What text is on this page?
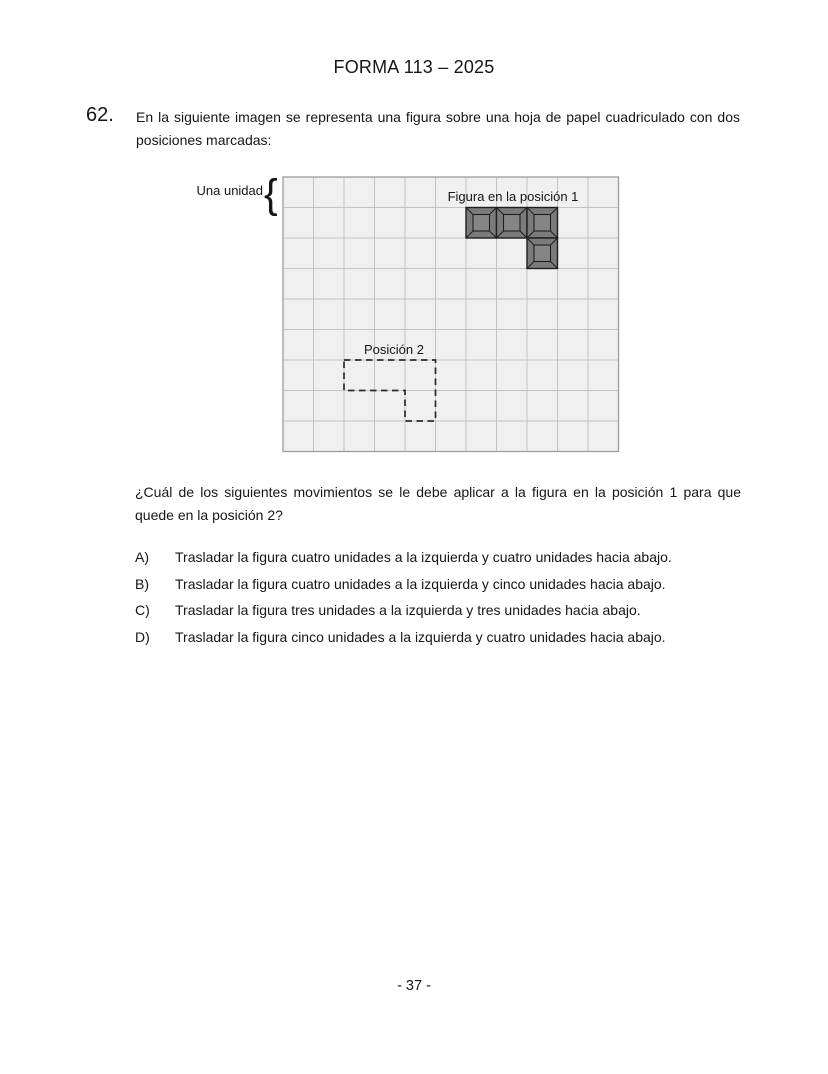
FORMA 113 – 2025
62. En la siguiente imagen se representa una figura sobre una hoja de papel cuadriculado con dos posiciones marcadas:
Una unidad {	Figura en la posición 1
Posición 2
¿Cuál de los siguientes movimientos se le debe aplicar a la figura en la posición 1 para que quede en la posición 2?
A)	Trasladar la figura cuatro unidades a la izquierda y cuatro unidades hacia abajo.
B)	Trasladar la figura cuatro unidades a la izquierda y cinco unidades hacia abajo.
C)	Trasladar la figura tres unidades a la izquierda y tres unidades hacia abajo.
D)	Trasladar la figura cinco unidades a la izquierda y cuatro unidades hacia abajo.
- 37 -
